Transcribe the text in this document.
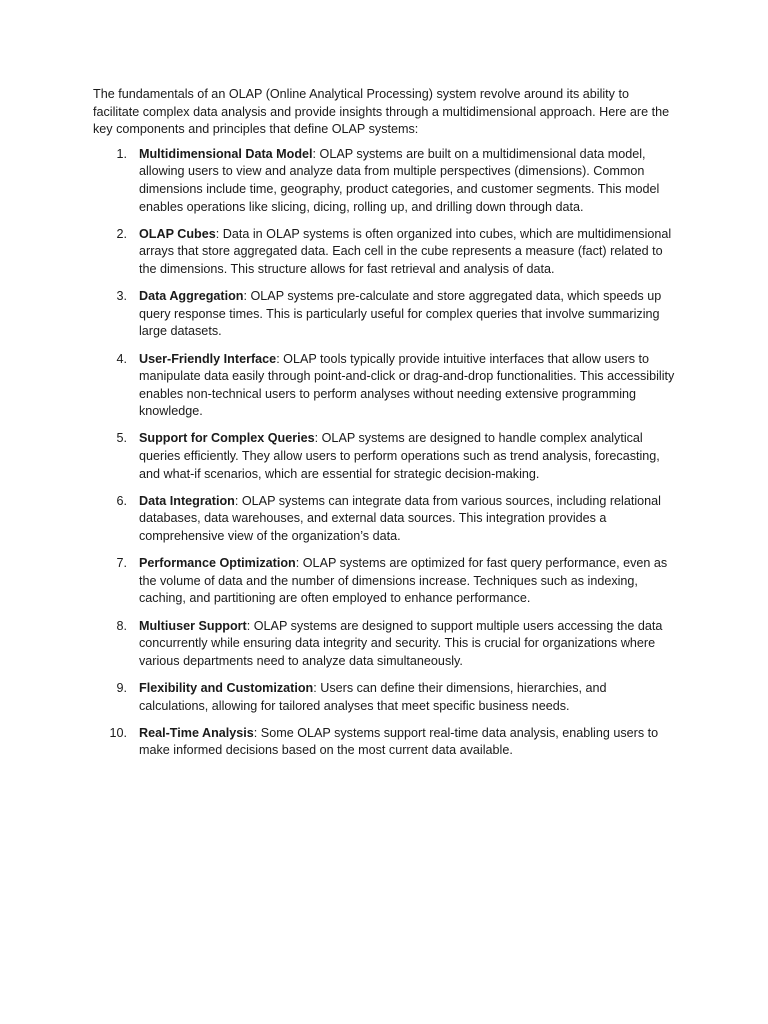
The fundamentals of an OLAP (Online Analytical Processing) system revolve around its ability to facilitate complex data analysis and provide insights through a multidimensional approach. Here are the key components and principles that define OLAP systems:

1. Multidimensional Data Model: OLAP systems are built on a multidimensional data model, allowing users to view and analyze data from multiple perspectives (dimensions). Common dimensions include time, geography, product categories, and customer segments. This model enables operations like slicing, dicing, rolling up, and drilling down through data.
2. OLAP Cubes: Data in OLAP systems is often organized into cubes, which are multidimensional arrays that store aggregated data. Each cell in the cube represents a measure (fact) related to the dimensions. This structure allows for fast retrieval and analysis of data.
3. Data Aggregation: OLAP systems pre-calculate and store aggregated data, which speeds up query response times. This is particularly useful for complex queries that involve summarizing large datasets.
4. User-Friendly Interface: OLAP tools typically provide intuitive interfaces that allow users to manipulate data easily through point-and-click or drag-and-drop functionalities. This accessibility enables non-technical users to perform analyses without needing extensive programming knowledge.
5. Support for Complex Queries: OLAP systems are designed to handle complex analytical queries efficiently. They allow users to perform operations such as trend analysis, forecasting, and what-if scenarios, which are essential for strategic decision-making.
6. Data Integration: OLAP systems can integrate data from various sources, including relational databases, data warehouses, and external data sources. This integration provides a comprehensive view of the organization’s data.
7. Performance Optimization: OLAP systems are optimized for fast query performance, even as the volume of data and the number of dimensions increase. Techniques such as indexing, caching, and partitioning are often employed to enhance performance.
8. Multiuser Support: OLAP systems are designed to support multiple users accessing the data concurrently while ensuring data integrity and security. This is crucial for organizations where various departments need to analyze data simultaneously.
9. Flexibility and Customization: Users can define their dimensions, hierarchies, and calculations, allowing for tailored analyses that meet specific business needs.
10. Real-Time Analysis: Some OLAP systems support real-time data analysis, enabling users to make informed decisions based on the most current data available.
